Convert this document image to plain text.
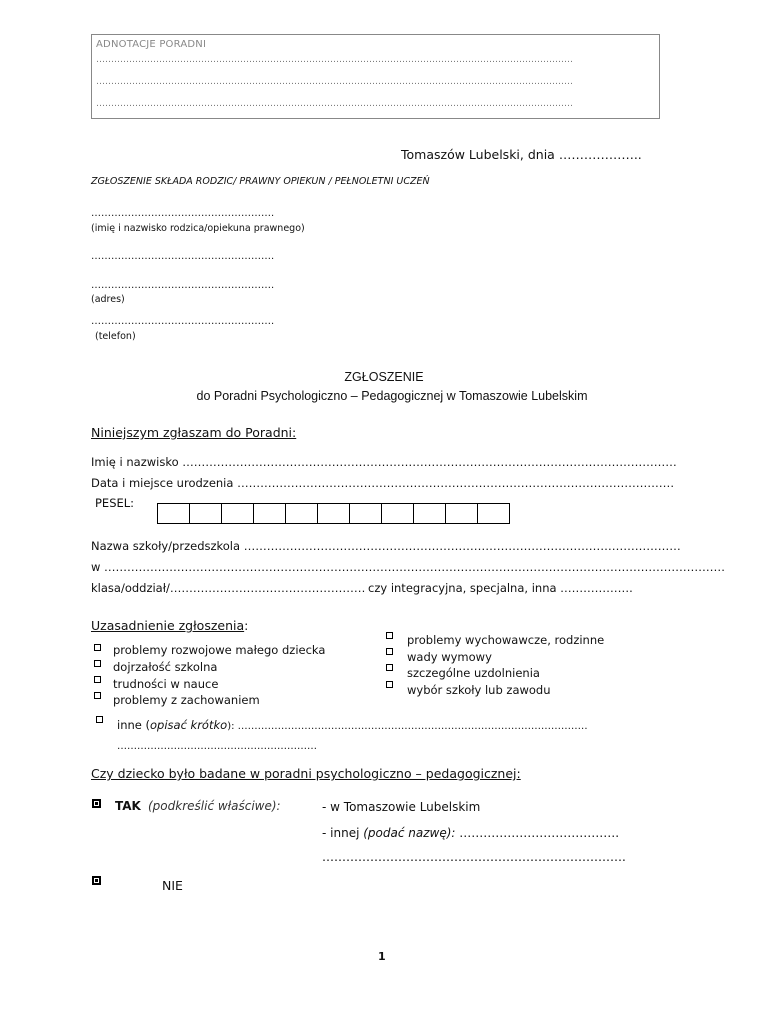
ADNOTACJE PORADNI
……………………………………………………………………………………………………………………………………………
……………………………………………………………………………………………………………………………………………
……………………………………………………………………………………………………………………………………………
Tomaszów Lubelski, dnia ………………..
ZGŁOSZENIE SKŁADA RODZIC/ PRAWNY OPIEKUN / PEŁNOLETNI UCZEŃ
……………………………………………….
(imię i nazwisko rodzica/opiekuna prawnego)
……………………………………………….
……………………………………………….
(adres)
……………………………………………….
(telefon)
ZGŁOSZENIE
do Poradni Psychologiczno – Pedagogicznej w Tomaszowie Lubelskim
Niniejszym zgłaszam do Poradni:
Imię i nazwisko …………………………………………………………………………………………………………………
Data i miejsce urodzenia ……………………………………………………………………………………………………
PESEL:
Nazwa szkoły/przedszkola ……………………………………………………………………………………………………
w ………………………………………………………………………………………………………………………………………………
klasa/oddział/…………………………………………… czy integracyjna, specjalna, inna ……………….
Uzasadnienie zgłoszenia:
problemy rozwojowe małego dziecka
dojrzałość szkolna
trudności w nauce
problemy z zachowaniem
problemy wychowawcze, rodzinne
wady wymowy
szczególne uzdolnienia
wybór szkoły lub zawodu
inne (opisać krótko): ……………………………………………………………………………………………
……………………………………………………
Czy dziecko było badane w poradni psychologiczno – pedagogicznej:
TAK (podkreślić właściwe):	- w Tomaszowie Lubelskim
- innej (podać nazwę): ………………………………….
………………………………………………………………….
NIE
1
